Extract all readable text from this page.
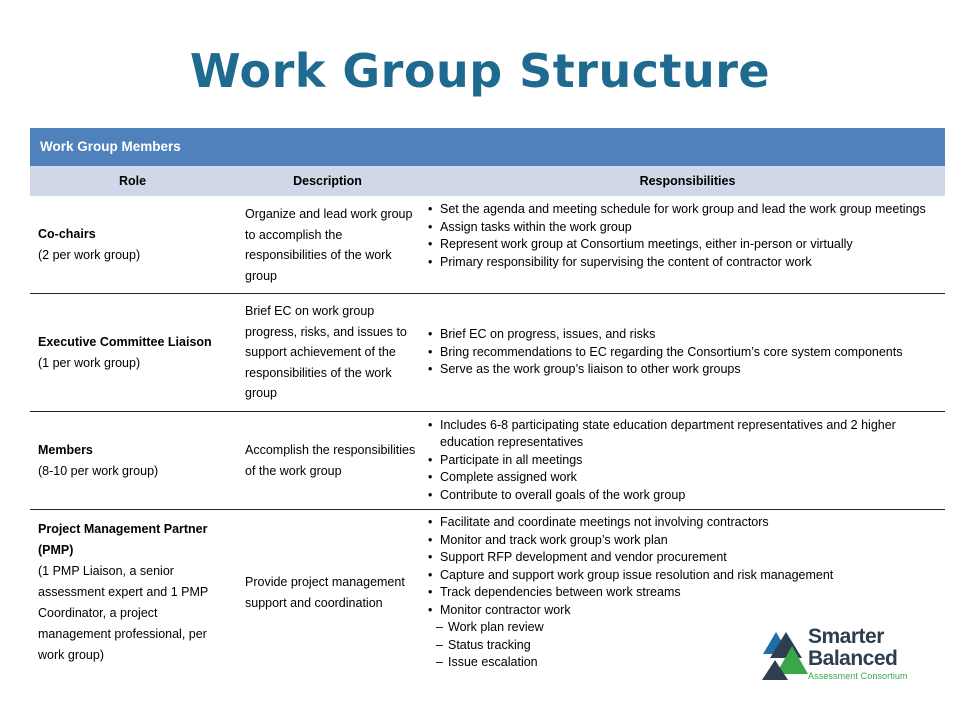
Work Group Structure
Work Group Members
Role	Description	Responsibilities
Co-chairs
(2 per work group)
Organize and lead work group to accomplish the responsibilities of the work group
• Set the agenda and meeting schedule for work group and lead the work group meetings
• Assign tasks within the work group
• Represent work group at Consortium meetings, either in-person or virtually
• Primary responsibility for supervising the content of contractor work
Executive Committee Liaison
(1 per work group)
Brief EC on work group progress, risks, and issues to support achievement of the responsibilities of the work group
• Brief EC on progress, issues, and risks
• Bring recommendations to EC regarding the Consortium’s core system components
• Serve as the work group’s liaison to other work groups
Members
(8-10 per work group)
Accomplish the responsibilities of the work group
• Includes 6-8 participating state education department representatives and 2 higher education representatives
• Participate in all meetings
• Complete assigned work
• Contribute to overall goals of the work group
Project Management Partner (PMP)
(1 PMP Liaison, a senior assessment expert and 1 PMP Coordinator, a project management professional, per work group)
Provide project management support and coordination
• Facilitate and coordinate meetings not involving contractors
• Monitor and track work group’s work plan
• Support RFP development and vendor procurement
• Capture and support work group issue resolution and risk management
• Track dependencies between work streams
• Monitor contractor work
– Work plan review
– Status tracking
– Issue escalation
Smarter
Balanced
Assessment Consortium
